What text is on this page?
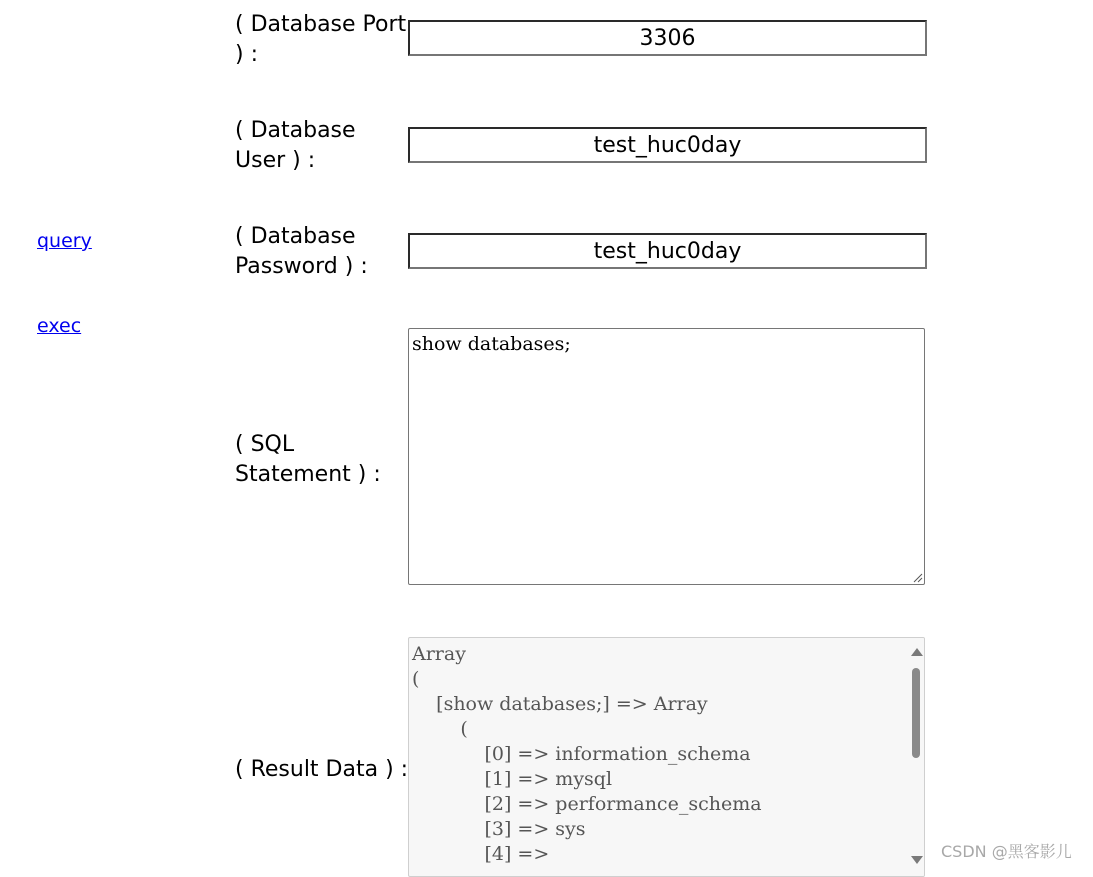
query
exec
( Database Port
) :
3306
( Database
User ) :
test_huc0day
( Database
Password ) :
test_huc0day
( SQL
Statement ) :
show databases;
( Result Data ) :
Array
(
[show databases;] => Array
(
[0] => information_schema
[1] => mysql
[2] => performance_schema
[3] => sys
[4] =>	CSDN @黑客影儿
